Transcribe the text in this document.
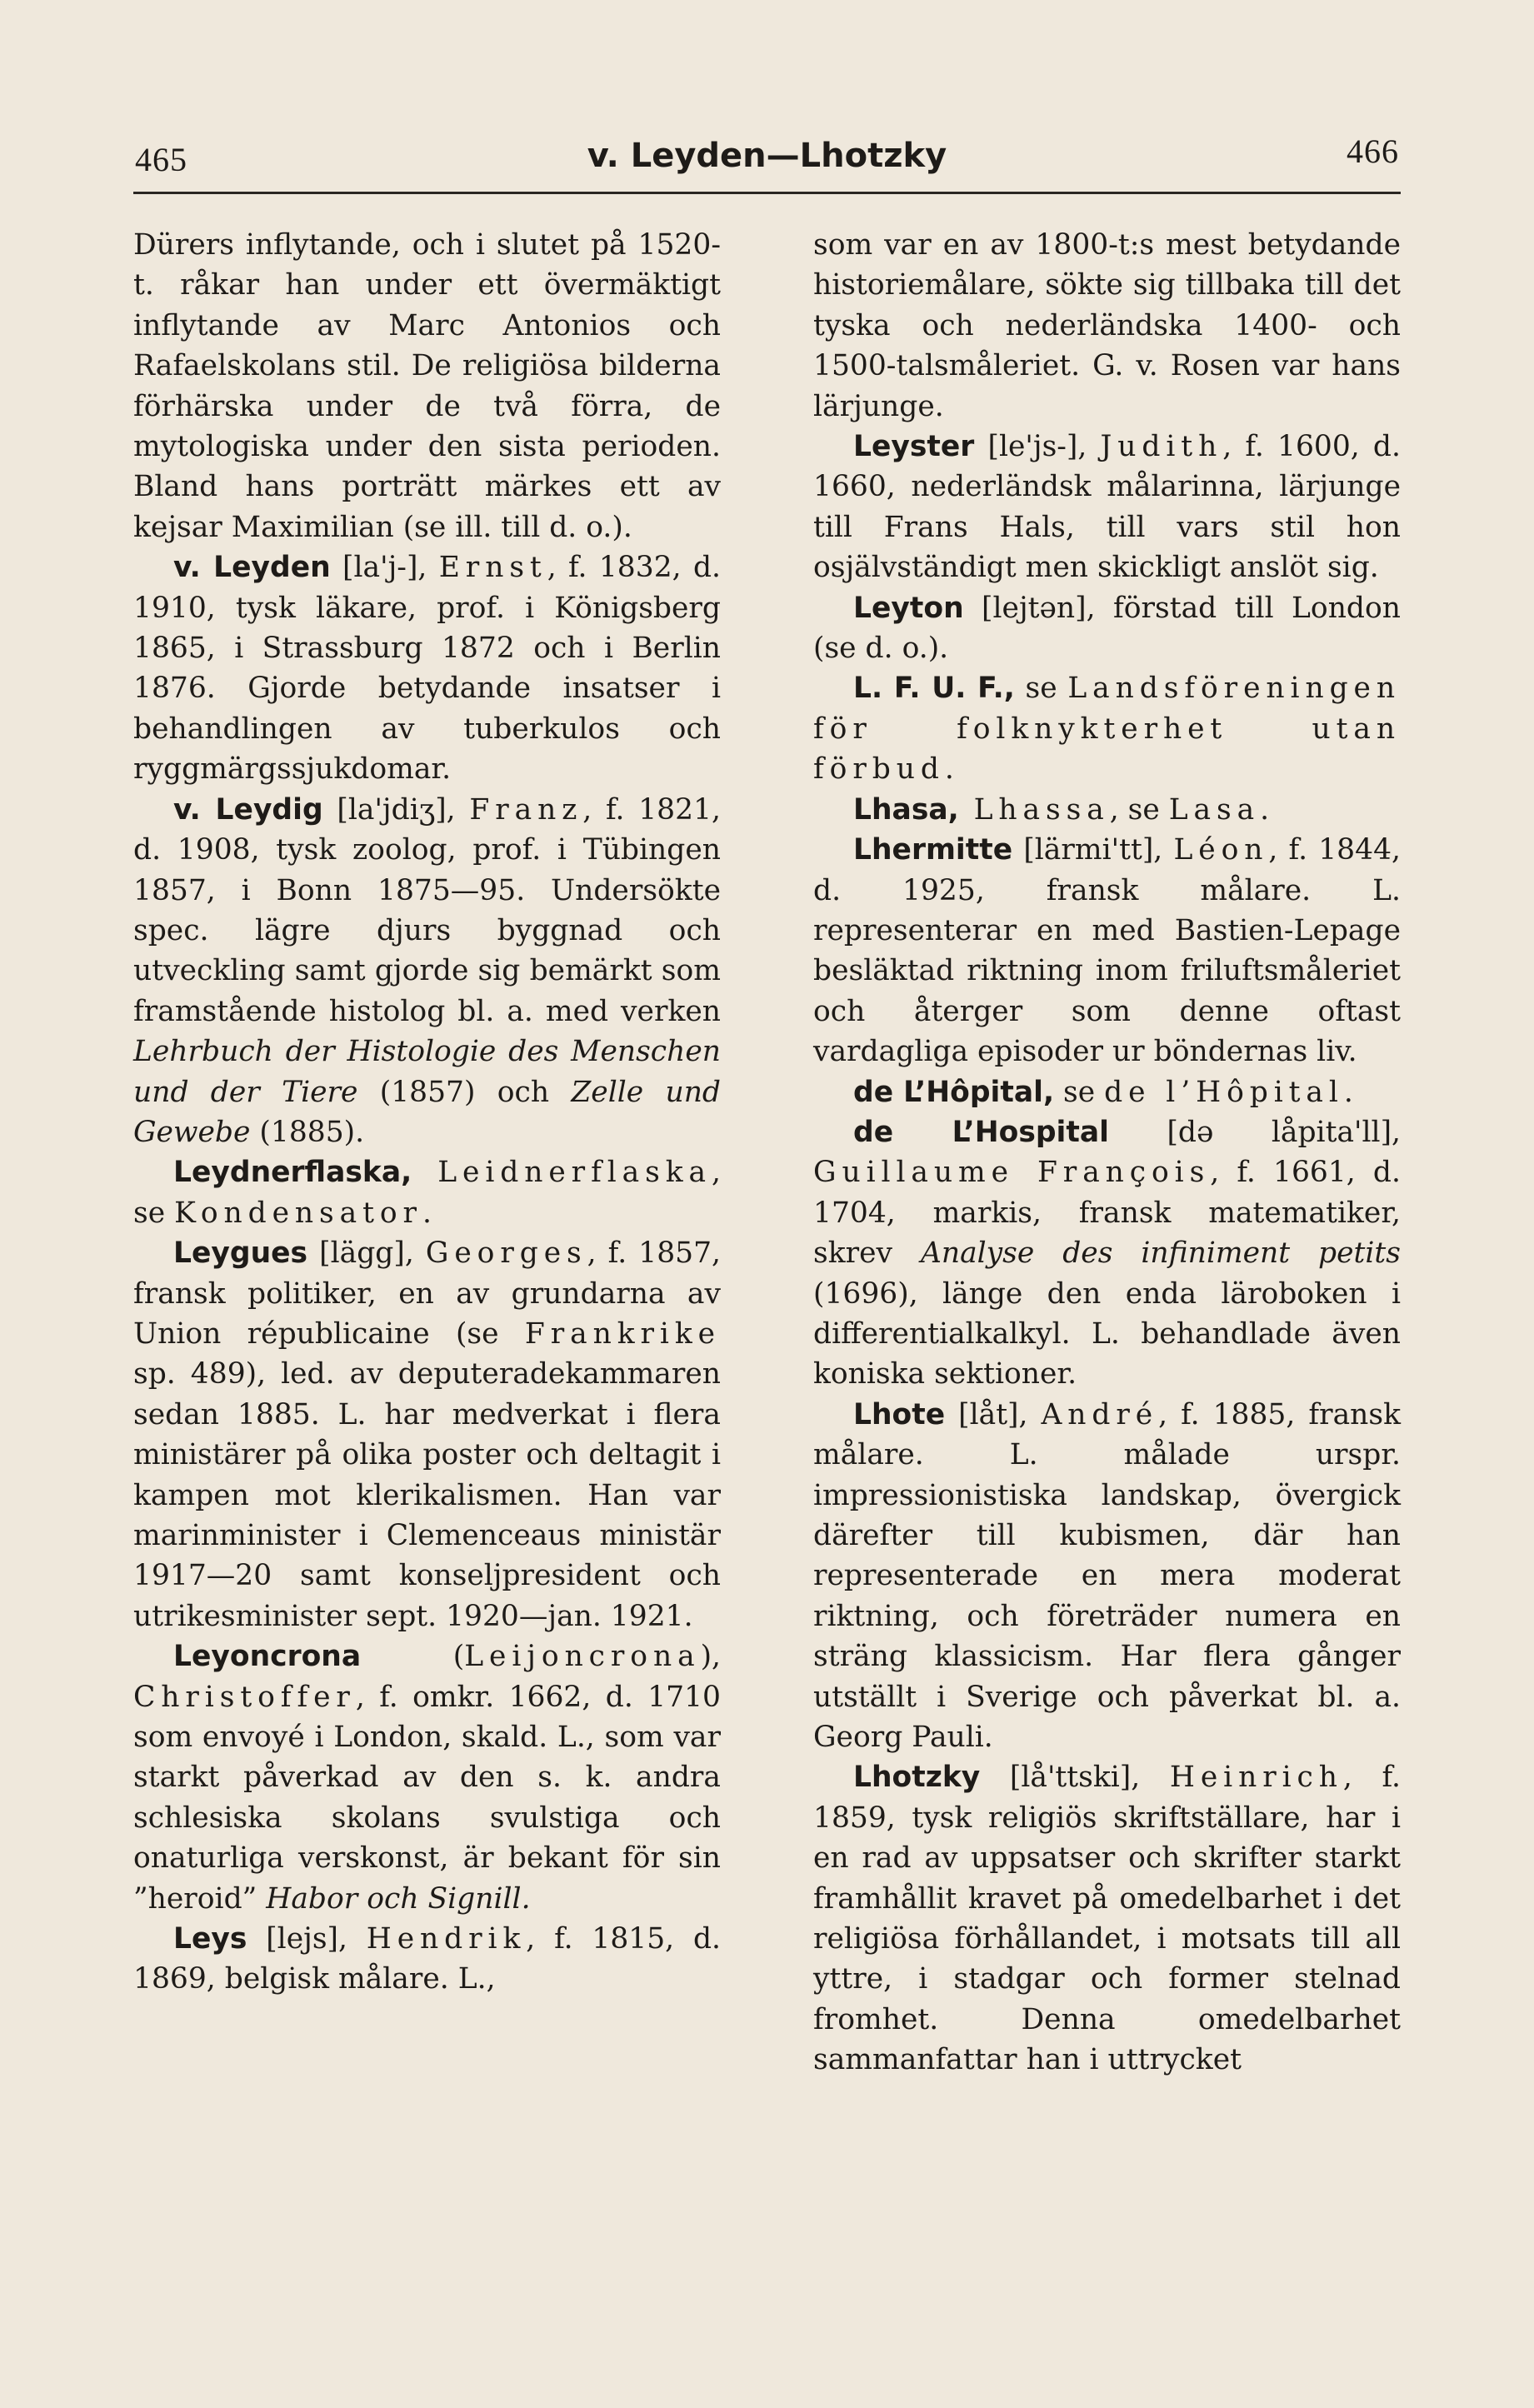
465	v. Leyden—Lhotzky	466

Dürers inflytande, och i slutet på 1520-t. råkar han under ett övermäktigt inflytande av Marc Antonios och Rafaelskolans stil. De religiösa bilderna förhärska under de två förra, de mytologiska under den sista perioden. Bland hans porträtt märkes ett av kejsar Maximilian (se ill. till d. o.).

v. Leyden [la'j-], Ernst, f. 1832, d. 1910, tysk läkare, prof. i Königsberg 1865, i Strassburg 1872 och i Berlin 1876. Gjorde betydande insatser i behandlingen av tuberkulos och ryggmärgssjukdomar.

v. Leydig [la'jdiʒ], Franz, f. 1821, d. 1908, tysk zoolog, prof. i Tübingen 1857, i Bonn 1875—95. Undersökte spec. lägre djurs byggnad och utveckling samt gjorde sig bemärkt som framstående histolog bl. a. med verken Lehrbuch der Histologie des Menschen und der Tiere (1857) och Zelle und Gewebe (1885).

Leydnerflaska, Leidnerflaska, se Kondensator.

Leygues [lägg], Georges, f. 1857, fransk politiker, en av grundarna av Union républicaine (se Frankrike sp. 489), led. av deputeradekammaren sedan 1885. L. har medverkat i flera ministärer på olika poster och deltagit i kampen mot klerikalismen. Han var marinminister i Clemenceaus ministär 1917—20 samt konseljpresident och utrikesminister sept. 1920—jan. 1921.

Leyoncrona (Leijoncrona), Christoffer, f. omkr. 1662, d. 1710 som envoyé i London, skald. L., som var starkt påverkad av den s. k. andra schlesiska skolans svulstiga och onaturliga verskonst, är bekant för sin ”heroid” Habor och Signill.

Leys [lejs], Hendrik, f. 1815, d. 1869, belgisk målare. L.,

som var en av 1800-t:s mest betydande historiemålare, sökte sig tillbaka till det tyska och nederländska 1400- och 1500-talsmåleriet. G. v. Rosen var hans lärjunge.

Leyster [le'js-], Judith, f. 1600, d. 1660, nederländsk målarinna, lärjunge till Frans Hals, till vars stil hon osjälvständigt men skickligt anslöt sig.

Leyton [lejtən], förstad till London (se d. o.).

L. F. U. F., se Landsföreningen för folknykterhet utan förbud.

Lhasa, Lhassa, se Lasa.

Lhermitte [lärmi'tt], Léon, f. 1844, d. 1925, fransk målare. L. representerar en med Bastien-Lepage besläktad riktning inom friluftsmåleriet och återger som denne oftast vardagliga episoder ur böndernas liv.

de L’Hôpital, se de l’Hôpital.

de L’Hospital [də låpita'll], Guillaume François, f. 1661, d. 1704, markis, fransk matematiker, skrev Analyse des infiniment petits (1696), länge den enda läroboken i differentialkalkyl. L. behandlade även koniska sektioner.

Lhote [låt], André, f. 1885, fransk målare. L. målade urspr. impressionistiska landskap, övergick därefter till kubismen, där han representerade en mera moderat riktning, och företräder numera en sträng klassicism. Har flera gånger utställt i Sverige och påverkat bl. a. Georg Pauli.

Lhotzky [lå'ttski], Heinrich, f. 1859, tysk religiös skriftställare, har i en rad av uppsatser och skrifter starkt framhållit kravet på omedelbarhet i det religiösa förhållandet, i motsats till all yttre, i stadgar och former stelnad fromhet. Denna omedelbarhet sammanfattar han i uttrycket
